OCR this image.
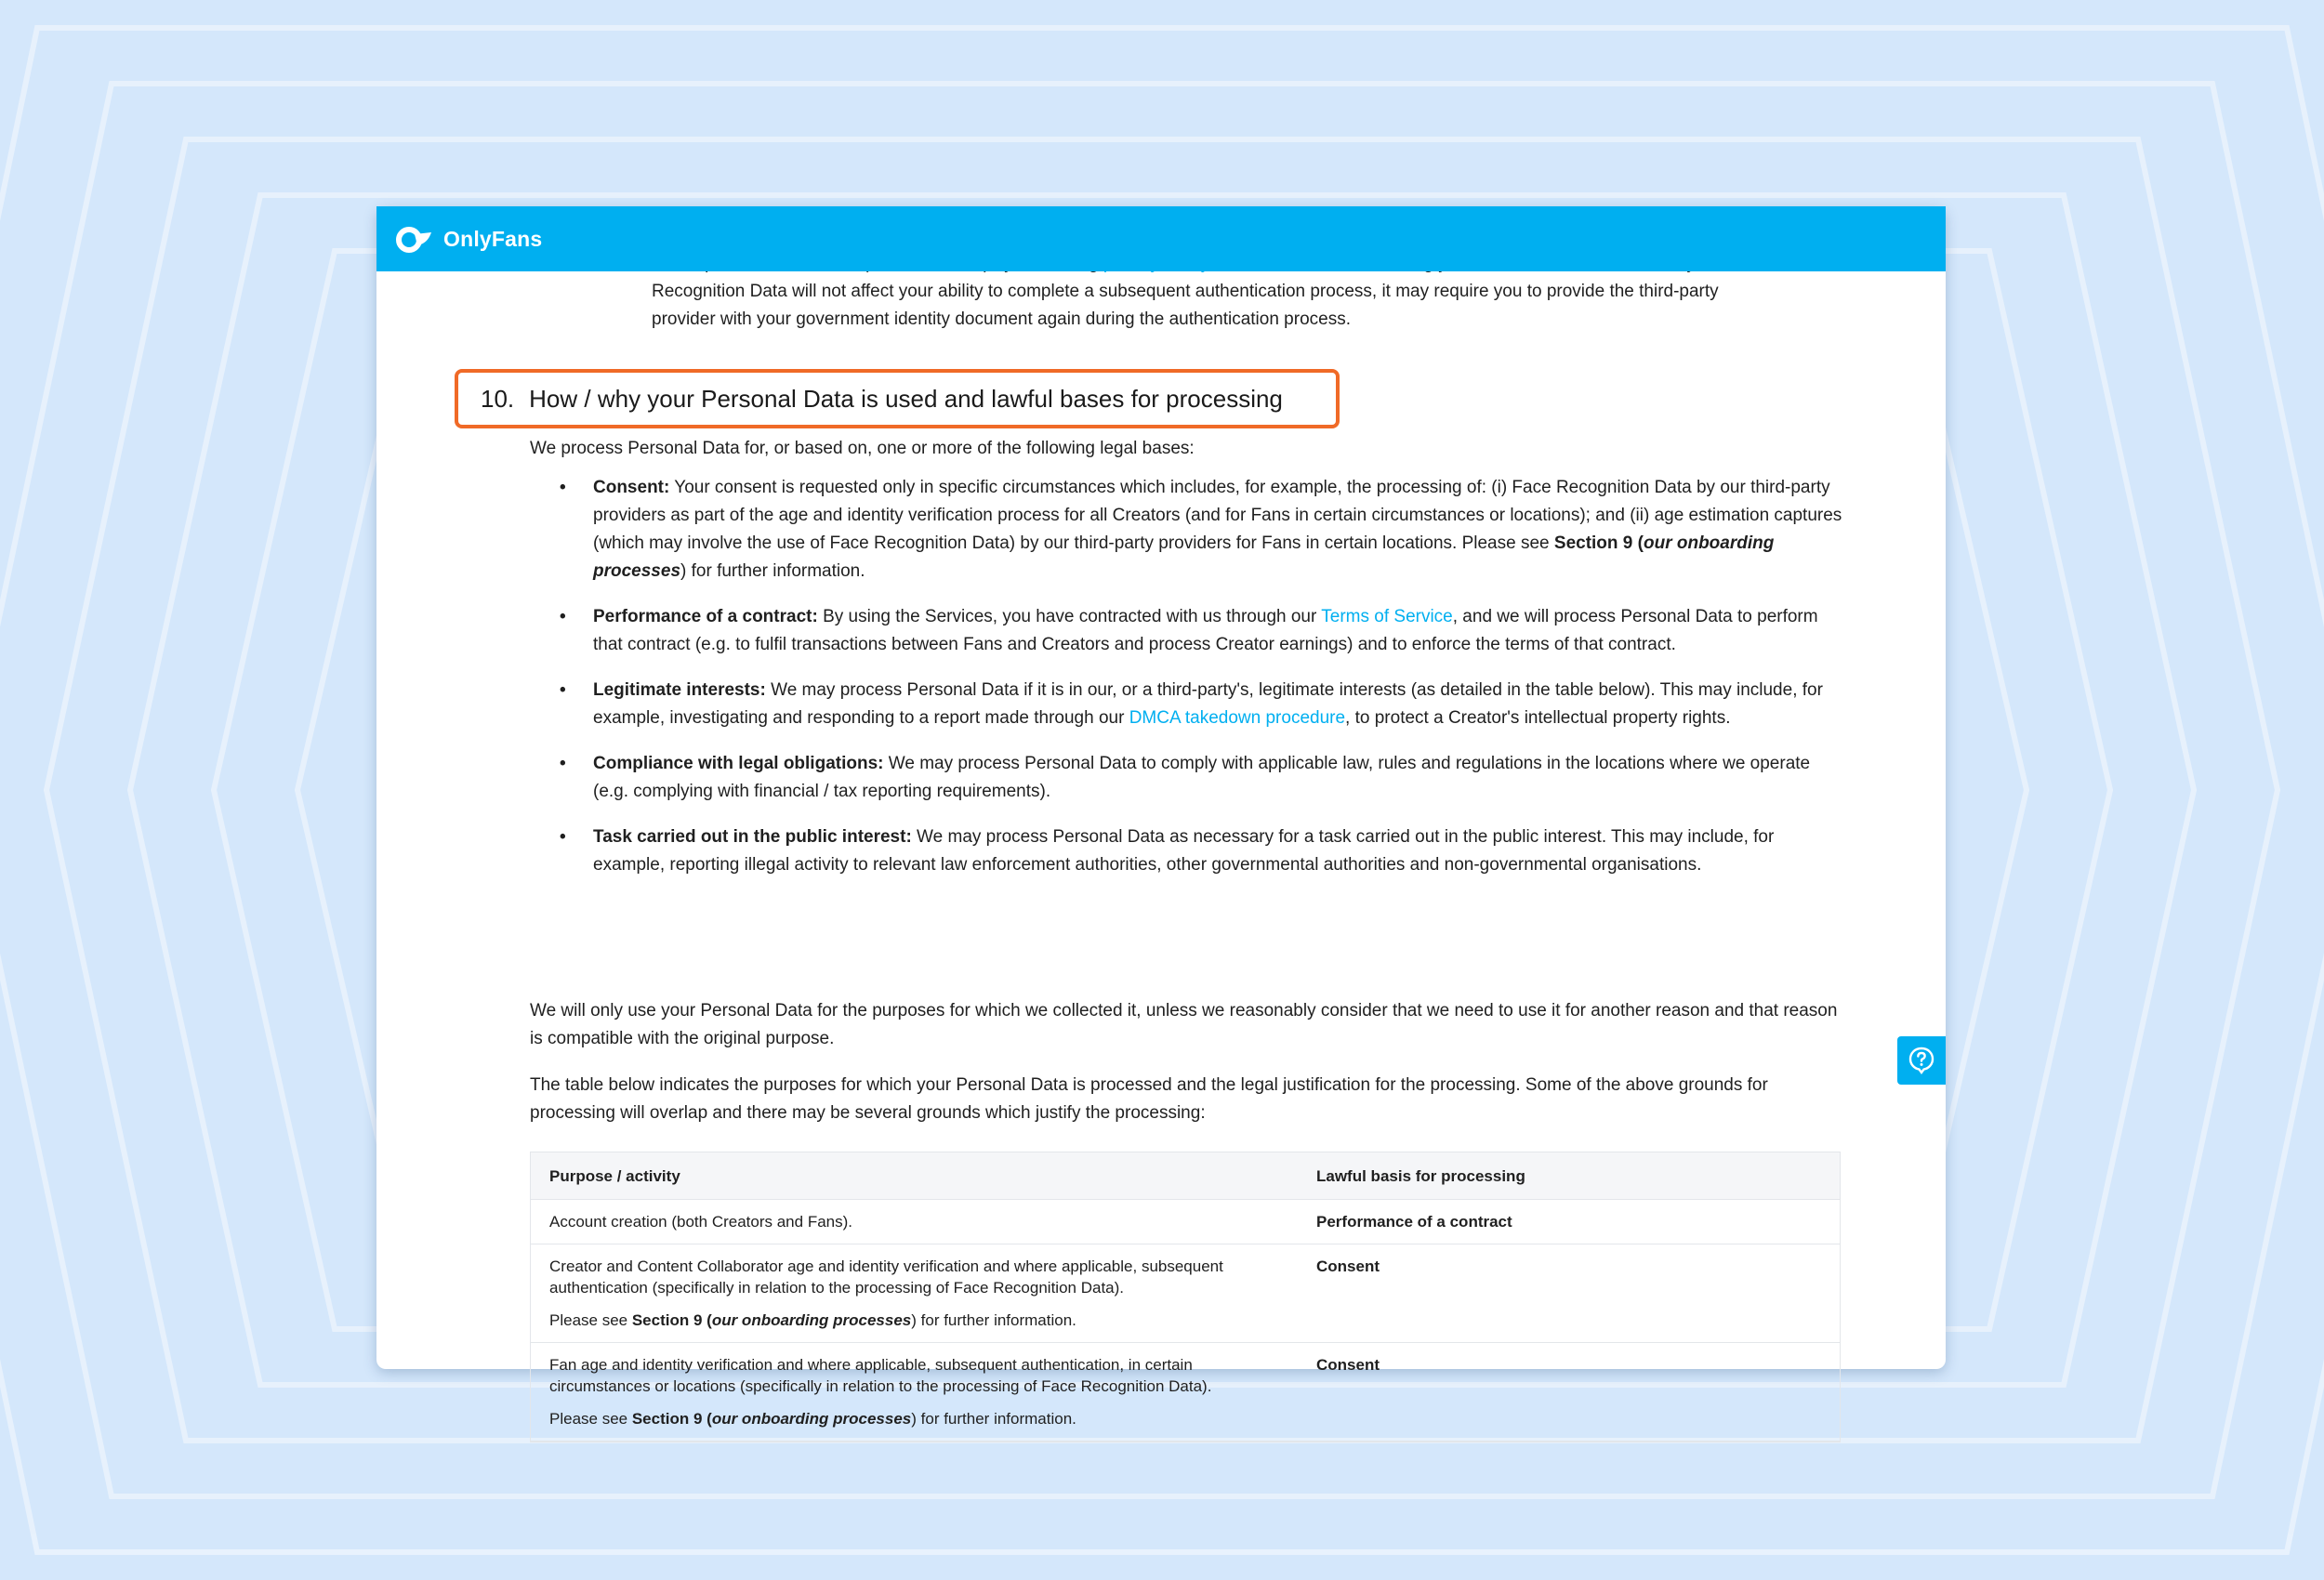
OnlyFans
Recognition Data will not affect your ability to complete a subsequent authentication process, it may require you to provide the third-party
provider with your government identity document again during the authentication process.
10. How / why your Personal Data is used and lawful bases for processing
We process Personal Data for, or based on, one or more of the following legal bases:
• Consent: Your consent is requested only in specific circumstances which includes, for example, the processing of: (i) Face Recognition Data by our third-party providers as part of the age and identity verification process for all Creators (and for Fans in certain circumstances or locations); and (ii) age estimation captures (which may involve the use of Face Recognition Data) by our third-party providers for Fans in certain locations. Please see Section 9 (our onboarding processes) for further information.
• Performance of a contract: By using the Services, you have contracted with us through our Terms of Service, and we will process Personal Data to perform that contract (e.g. to fulfil transactions between Fans and Creators and process Creator earnings) and to enforce the terms of that contract.
• Legitimate interests: We may process Personal Data if it is in our, or a third-party's, legitimate interests (as detailed in the table below). This may include, for example, investigating and responding to a report made through our DMCA takedown procedure, to protect a Creator's intellectual property rights.
• Compliance with legal obligations: We may process Personal Data to comply with applicable law, rules and regulations in the locations where we operate (e.g. complying with financial / tax reporting requirements).
• Task carried out in the public interest: We may process Personal Data as necessary for a task carried out in the public interest. This may include, for example, reporting illegal activity to relevant law enforcement authorities, other governmental authorities and non-governmental organisations.

We will only use your Personal Data for the purposes for which we collected it, unless we reasonably consider that we need to use it for another reason and that reason is compatible with the original purpose.

The table below indicates the purposes for which your Personal Data is processed and the legal justification for the processing. Some of the above grounds for processing will overlap and there may be several grounds which justify the processing:

Purpose / activity	Lawful basis for processing
Account creation (both Creators and Fans).	Performance of a contract
Creator and Content Collaborator age and identity verification and where applicable, subsequent authentication (specifically in relation to the processing of Face Recognition Data).
Please see Section 9 (our onboarding processes) for further information.
Consent
Fan age and identity verification and where applicable, subsequent authentication, in certain circumstances or locations (specifically in relation to the processing of Face Recognition Data).
Please see Section 9 (our onboarding processes) for further information.
Consent
